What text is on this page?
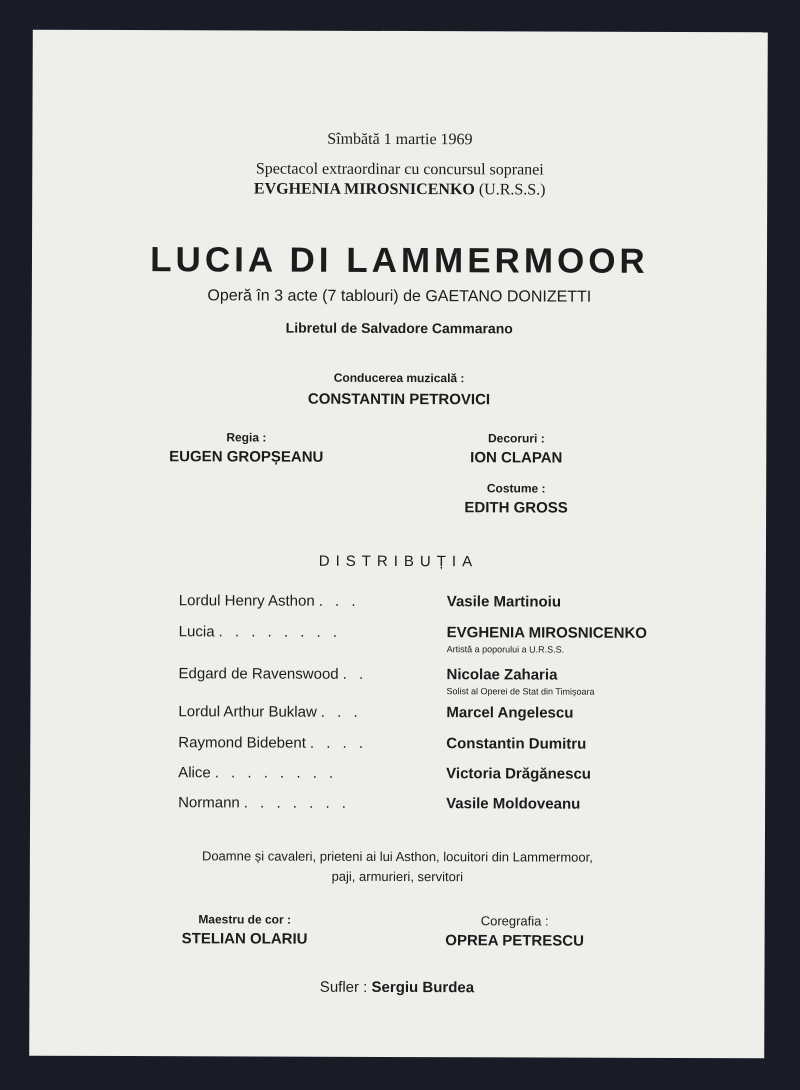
Sîmbătă 1 martie 1969
Spectacol extraordinar cu concursul sopranei
EVGHENIA MIROSNICENKO (U.R.S.S.)
LUCIA DI LAMMERMOOR
Operă în 3 acte (7 tablouri) de GAETANO DONIZETTI
Libretul de Salvadore Cammarano
Conducerea muzicală :
CONSTANTIN PETROVICI
Regia :
EUGEN GROPȘEANU
Decoruri :
ION CLAPAN
Costume :
EDITH GROSS
DISTRIBUȚIA
Lordul Henry Asthon . . .	Vasile Martinoiu
Lucia . . . . . . . .	EVGHENIA MIROSNICENKO
Artistă a poporului a U.R.S.S.
Edgard de Ravenswood . .	Nicolae Zaharia
Solist al Operei de Stat din Timișoara
Lordul Arthur Buklaw . . .	Marcel Angelescu
Raymond Bidebent . . . .	Constantin Dumitru
Alice . . . . . . . .	Victoria Drăgănescu
Normann . . . . . . .	Vasile Moldoveanu
Doamne și cavaleri, prieteni ai lui Asthon, locuitori din Lammermoor,
paji, armurieri, servitori
Maestru de cor :
STELIAN OLARIU
Coregrafia :
OPREA PETRESCU
Sufler : Sergiu Burdea
